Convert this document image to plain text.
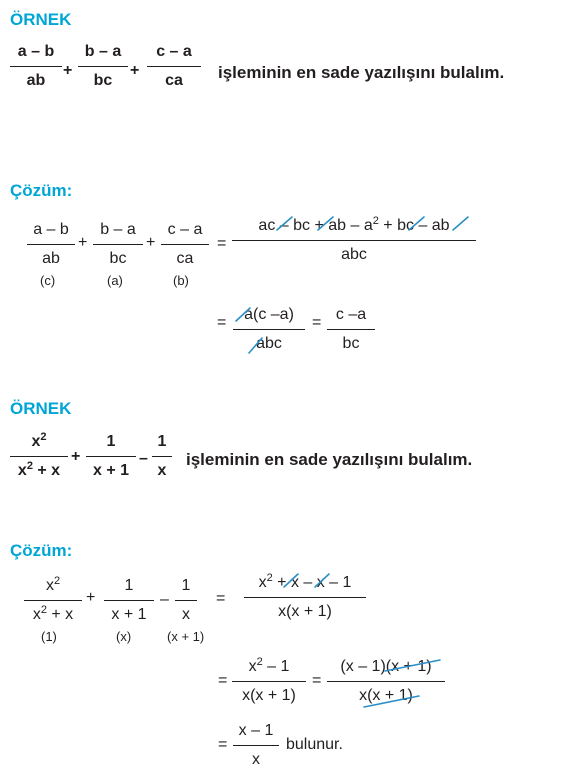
ÖRNEK
a – b
ab
+
b – a
bc
+
c – a
ca işleminin en sade yazılışını bulalım.
Çözüm:
a – b
ab
(c)
+
b – a
bc
(a)
+
c – a
ca
(b)
=
ac – bc + ab – $a^2$ + bc – ab
abc
= a(c –a)
abc
= c –a
bc
ÖRNEK
$x^2$
$x^2 + x$
+
1
x + 1
–
1
x
işleminin en sade yazılışını bulalım.
Çözüm:
$x^2$
$x^2 + x$
(1)
+
1
x + 1
(x)
–
1
x
(x + 1)
=
$x^2 + x - x - 1$
x(x + 1)
=
$x^2 - 1$
x(x + 1)
=
(x – 1)(x + 1)
x(x + 1)
=
x – 1
x
bulunur.
